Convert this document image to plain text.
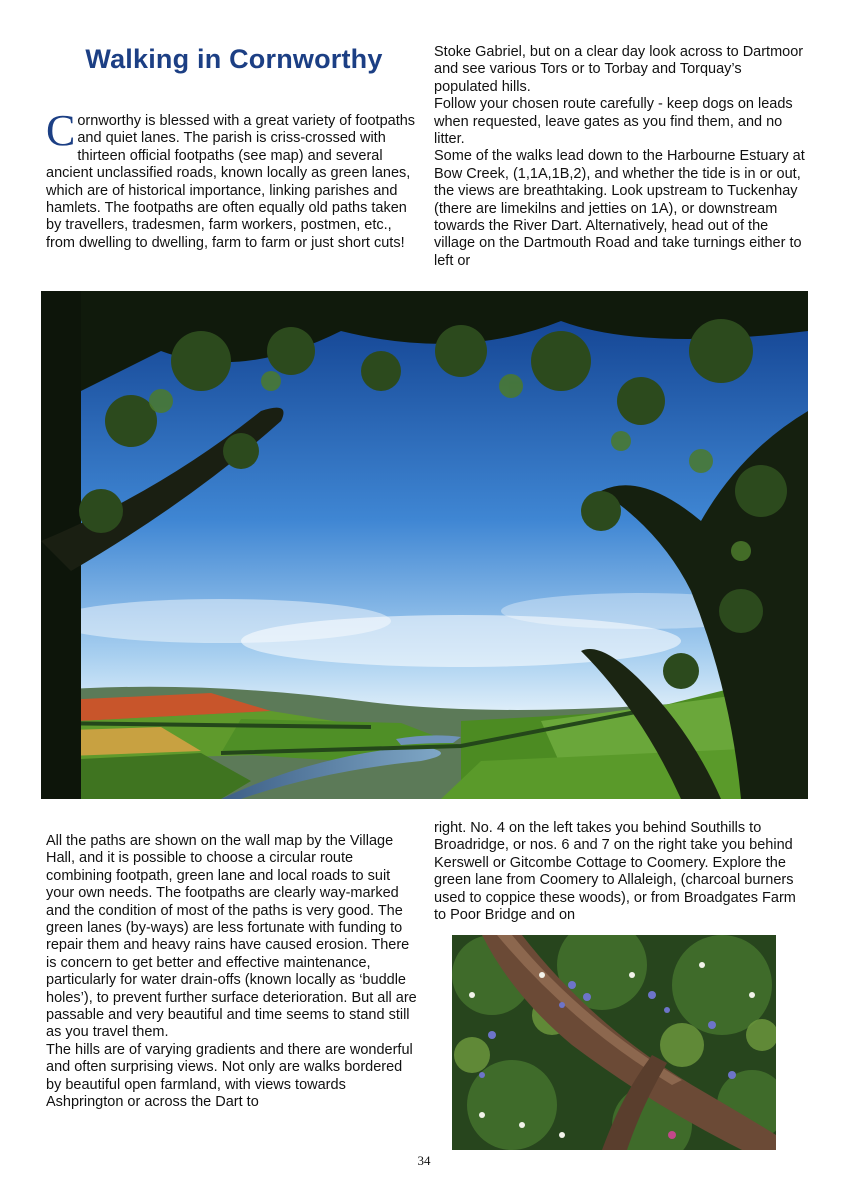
Walking in Cornworthy
C ornworthy is blessed with a great variety of footpaths and quiet lanes. The parish is criss-crossed with thirteen official footpaths (see map) and several ancient unclassified roads, known locally as green lanes, which are of historical importance, linking parishes and hamlets. The footpaths are often equally old paths taken by travellers, tradesmen, farm workers, postmen, etc., from dwelling to dwelling, farm to farm or just short cuts!

Stoke Gabriel, but on a clear day look across to Dartmoor and see various Tors or to Torbay and Torquay’s populated hills.

Follow your chosen route carefully - keep dogs on leads when requested, leave gates as you find them, and no litter.

Some of the walks lead down to the Harbourne Estuary at Bow Creek, (1,1A,1B,2), and whether the tide is in or out, the views are breathtaking. Look upstream to Tuckenhay (there are limekilns and jetties on 1A), or downstream towards the River Dart. Alternatively, head out of the village on the Dartmouth Road and take turnings either to left or

All the paths are shown on the wall map by the Village Hall, and it is possible to choose a circular route combining footpath, green lane and local roads to suit your own needs. The footpaths are clearly way-marked and the condition of most of the paths is very good. The green lanes (by-ways) are less fortunate with funding to repair them and heavy rains have caused erosion. There is concern to get better and effective maintenance, particularly for water drain-offs (known locally as ‘buddle holes’), to prevent further surface deterioration. But all are passable and very beautiful and time seems to stand still as you travel them.

The hills are of varying gradients and there are wonderful and often surprising views. Not only are walks bordered by beautiful open farmland, with views towards Ashprington or across the Dart to

right. No. 4 on the left takes you behind Southills to Broadridge, or nos. 6 and 7 on the right take you behind Kerswell or Gitcombe Cottage to Coomery. Explore the green lane from Coomery to Allaleigh, (charcoal burners used to coppice these woods), or from Broadgates Farm to Poor Bridge and on

34
